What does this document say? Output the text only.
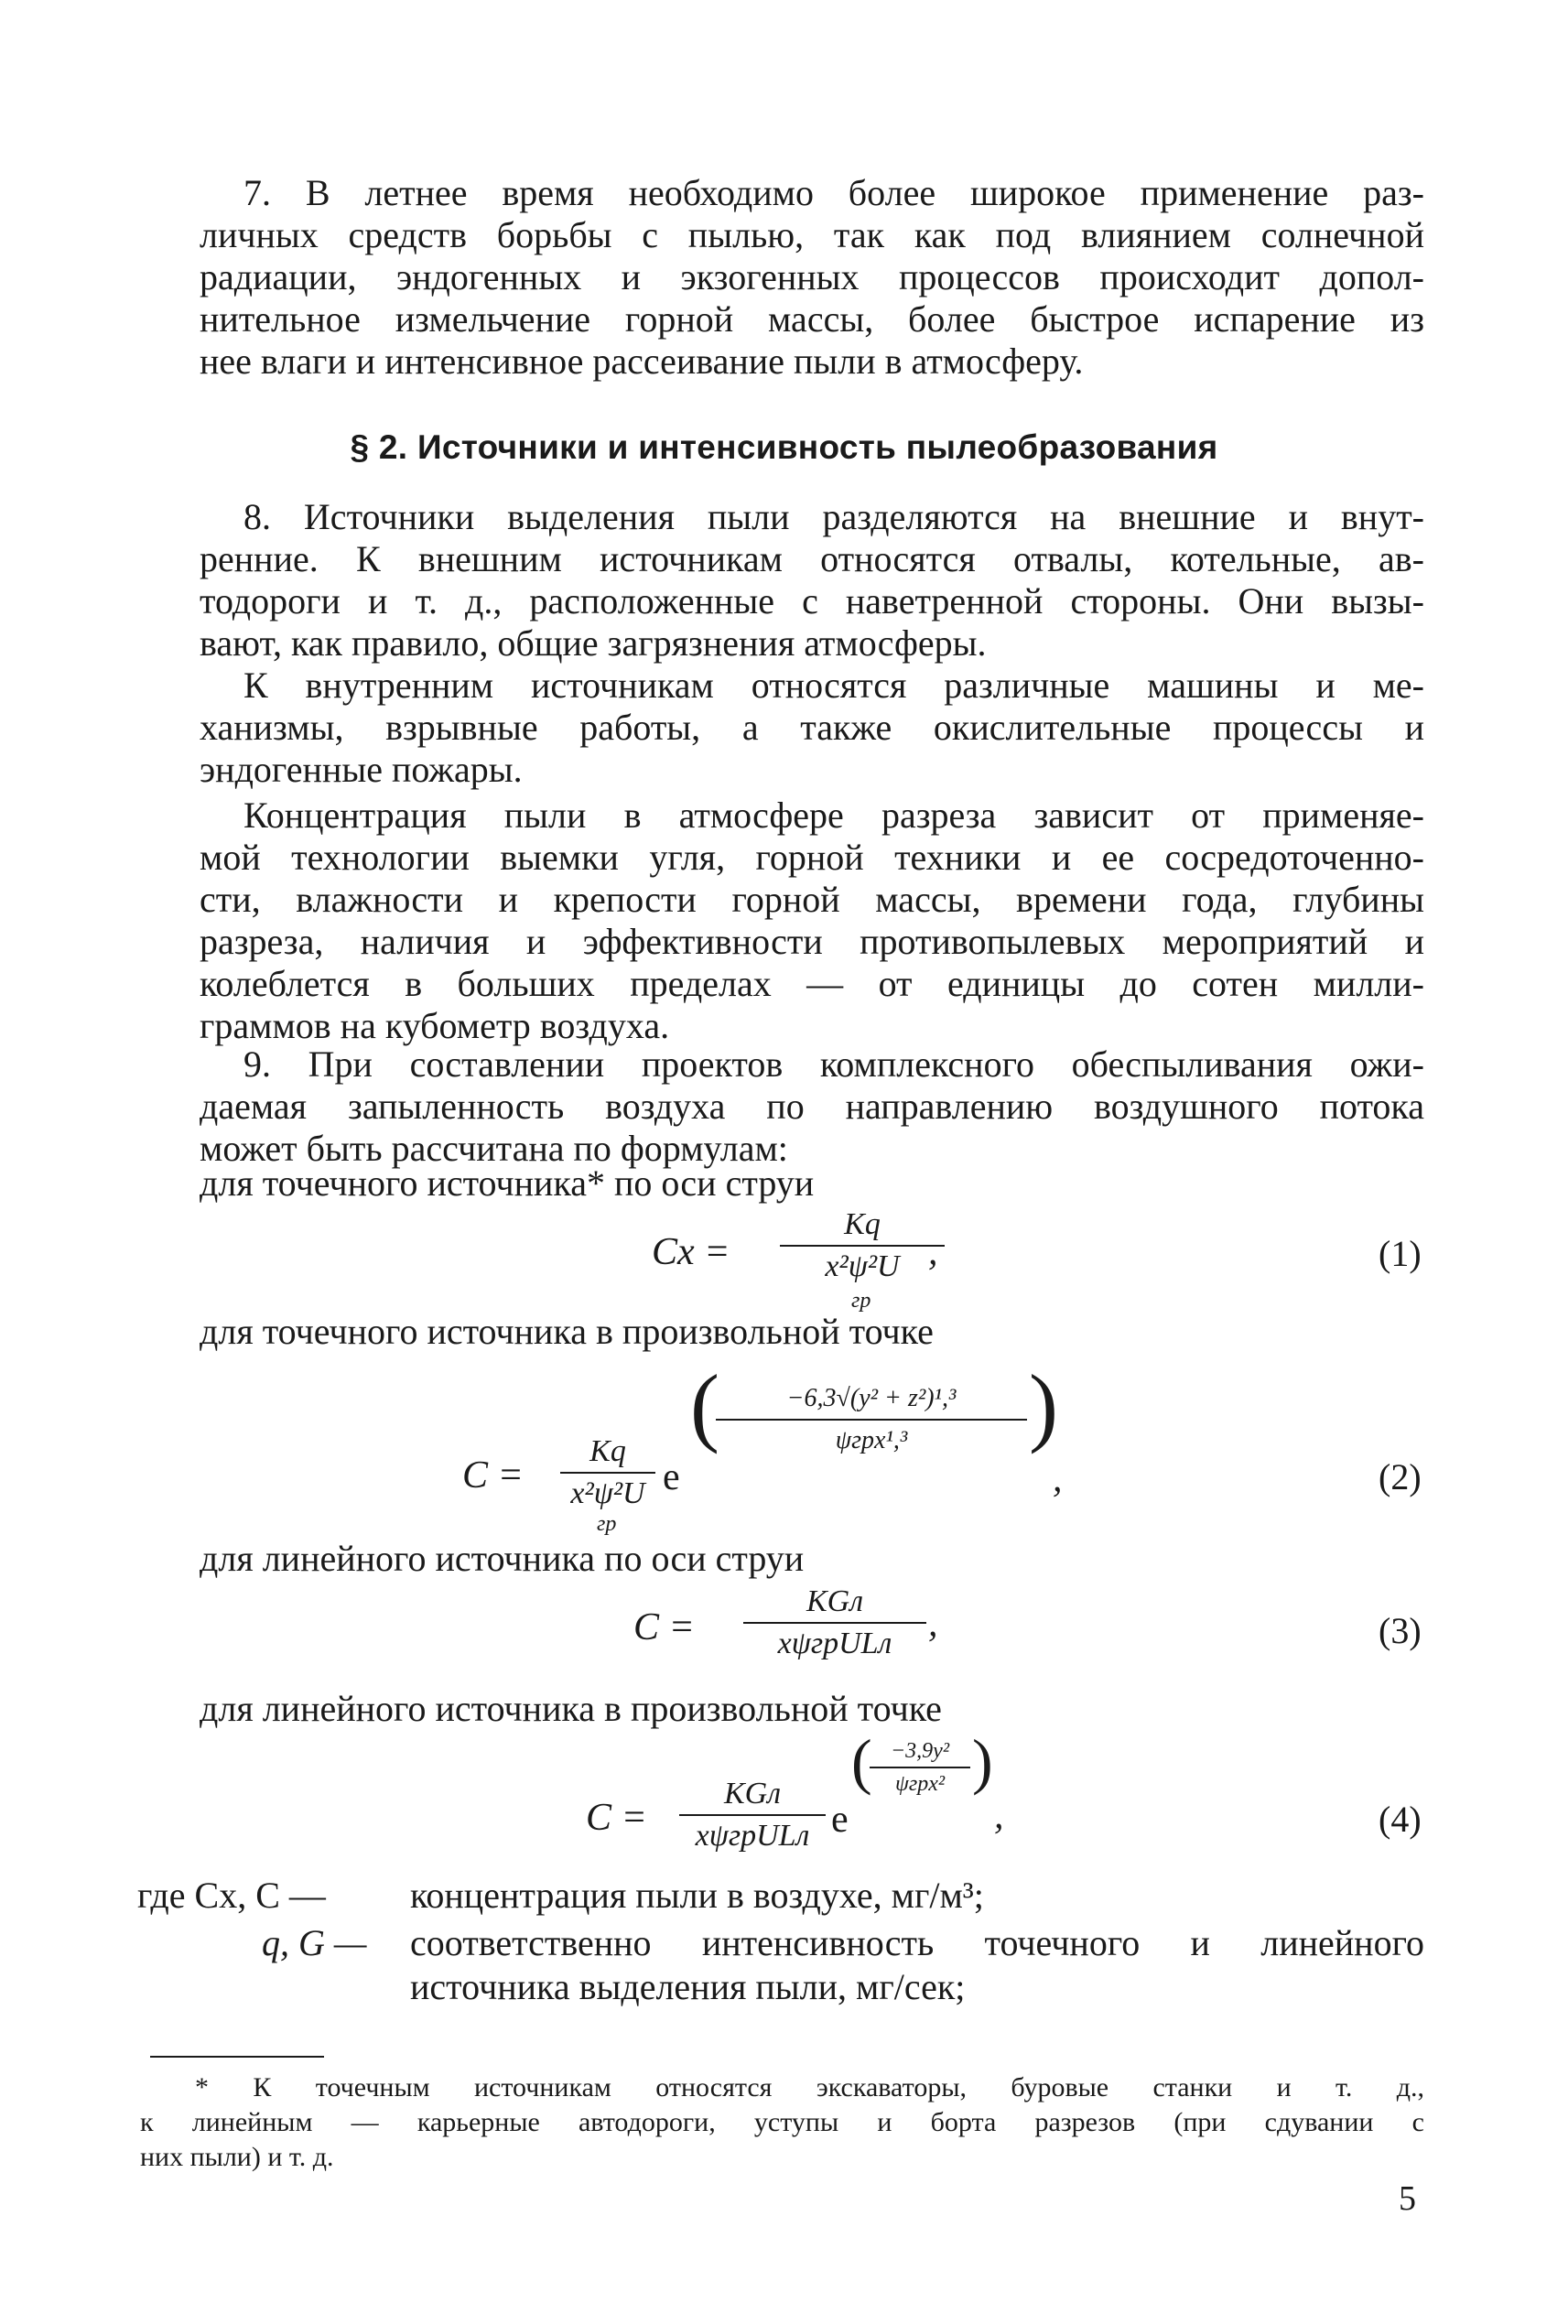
7. В летнее время необходимо более широкое применение раз-
личных средств борьбы с пылью, так как под влиянием солнечной
радиации, эндогенных и экзогенных процессов происходит допол-
нительное измельчение горной массы, более быстрое испарение из
нее влаги и интенсивное рассеивание пыли в атмосферу.
§ 2. Источники и интенсивность пылеобразования
8. Источники выделения пыли разделяются на внешние и внут-
ренние. К внешним источникам относятся отвалы, котельные, ав-
тодороги и т. д., расположенные с наветренной стороны. Они вызы-
вают, как правило, общие загрязнения атмосферы.
К внутренним источникам относятся различные машины и ме-
ханизмы, взрывные работы, а также окислительные процессы и
эндогенные пожары.
Концентрация пыли в атмосфере разреза зависит от применяе-
мой технологии выемки угля, горной техники и ее сосредоточенно-
сти, влажности и крепости горной массы, времени года, глубины
разреза, наличия и эффективности противопылевых мероприятий и
колеблется в больших пределах — от единицы до сотен милли-
граммов на кубометр воздуха.
9. При составлении проектов комплексного обеспыливания ожи-
даемая запыленность воздуха по направлению воздушного потока
может быть рассчитана по формулам:
для точечного источника* по оси струи
Cx =
Kq
x²ψ²U
гр
,	(1)
для точечного источника в произвольной точке
C =
Kq
x²ψ²U
гр
e
(	−6,3√(y² + z²)¹,³
ψгрx¹,³	)
,	(2)
для линейного источника по оси струи
C =
KGл
xψгрULл ,	(3)
для линейного источника в произвольной точке
C =
KGл
xψгрULл e
( −3,9y²
ψгрx² )
,	(4)
где Cx, C — концентрация пыли в воздухе, мг/м³;
q, G — соответственно интенсивность точечного и линейного
источника выделения пыли, мг/сек;
* К точечным источникам относятся экскаваторы, буровые станки и т. д.,
к линейным — карьерные автодороги, уступы и борта разрезов (при сдувании с
них пыли) и т. д.
5
